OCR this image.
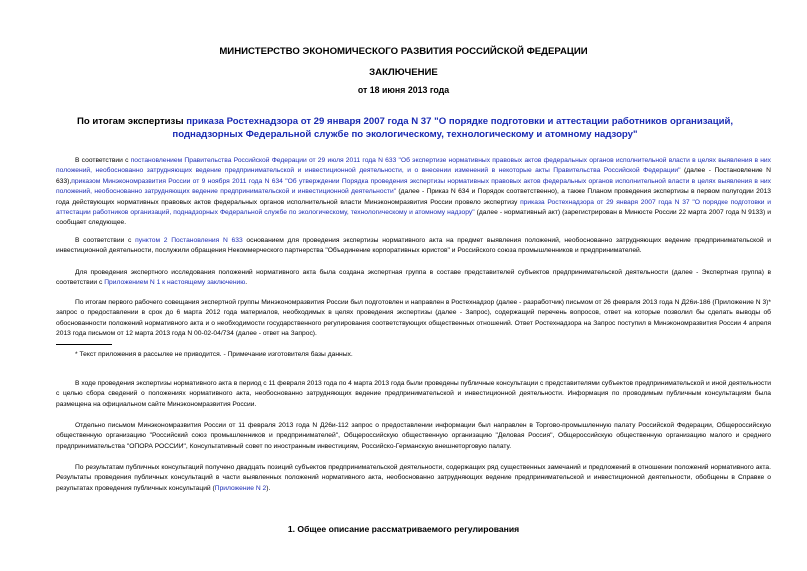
МИНИСТЕРСТВО ЭКОНОМИЧЕСКОГО РАЗВИТИЯ РОССИЙСКОЙ ФЕДЕРАЦИИ
ЗАКЛЮЧЕНИЕ
от 18 июня 2013 года
По итогам экспертизы приказа Ростехнадзора от 29 января 2007 года N 37 "О порядке подготовки и аттестации работников организаций, поднадзорных Федеральной службе по экологическому, технологическому и атомному надзору"

В соответствии с постановлением Правительства Российской Федерации от 29 июля 2011 года N 633 "Об экспертизе нормативных правовых актов федеральных органов исполнительной власти в целях выявления в них положений, необоснованно затрудняющих ведение предпринимательской и инвестиционной деятельности, и о внесении изменений в некоторые акты Правительства Российской Федерации" (далее - Постановление N 633),приказом Минэкономразвития России от 9 ноября 2011 года N 634 "Об утверждении Порядка проведения экспертизы нормативных правовых актов федеральных органов исполнительной власти в целях выявления в них положений, необоснованно затрудняющих ведение предпринимательской и инвестиционной деятельности" (далее - Приказ N 634 и Порядок соответственно), а также Планом проведения экспертизы в первом полугодии 2013 года действующих нормативных правовых актов федеральных органов исполнительной власти Минэкономразвития России провело экспертизу приказа Ростехнадзора от 29 января 2007 года N 37 "О порядке подготовки и аттестации работников организаций, поднадзорных Федеральной службе по экологическому, технологическому и атомному надзору" (далее - нормативный акт) (зарегистрирован в Минюсте России 22 марта 2007 года N 9133) и сообщает следующее.

В соответствии с пунктом 2 Постановления N 633 основанием для проведения экспертизы нормативного акта на предмет выявления положений, необоснованно затрудняющих ведение предпринимательской и инвестиционной деятельности, послужили обращения Некоммерческого партнерства "Объединение корпоративных юристов" и Российского союза промышленников и предпринимателей.

Для проведения экспертного исследования положений нормативного акта была создана экспертная группа в составе представителей субъектов предпринимательской деятельности (далее - Экспертная группа) в соответствии с Приложением N 1 к настоящему заключению.

По итогам первого рабочего совещания экспертной группы Минэкономразвития России был подготовлен и направлен в Ростехнадзор (далее - разработчик) письмом от 26 февраля 2013 года N Д26и-186 (Приложение N 3)* запрос о предоставлении в срок до 6 марта 2012 года материалов, необходимых в целях проведения экспертизы (далее - Запрос), содержащий перечень вопросов, ответ на которые позволил бы сделать выводы об обоснованности положений нормативного акта и о необходимости государственного регулирования соответствующих общественных отношений. Ответ Ростехнадзора на Запрос поступил в Минэкономразвития России 4 апреля 2013 года письмом от 12 марта 2013 года N 00-02-04/734 (далее - ответ на Запрос).

* Текст приложения в рассылке не приводится. - Примечание изготовителя базы данных.

В ходе проведения экспертизы нормативного акта в период с 11 февраля 2013 года по 4 марта 2013 года были проведены публичные консультации с представителями субъектов предпринимательской и иной деятельности с целью сбора сведений о положениях нормативного акта, необоснованно затрудняющих ведение предпринимательской и инвестиционной деятельности. Информация по проводимым публичным консультациям была размещена на официальном сайте Минэкономразвития России.

Отдельно письмом Минэкономразвития России от 11 февраля 2013 года N Д26и-112 запрос о предоставлении информации был направлен в Торгово-промышленную палату Российской Федерации, Общероссийскую общественную организацию "Российский союз промышленников и предпринимателей", Общероссийскую общественную организацию "Деловая Россия", Общероссийскую общественную организацию малого и среднего предпринимательства "ОПОРА РОССИИ", Консультативный совет по иностранным инвестициям, Российско-Германскую внешнеторговую палату.

По результатам публичных консультаций получено двадцать позиций субъектов предпринимательской деятельности, содержащих ряд существенных замечаний и предложений в отношении положений нормативного акта. Результаты проведения публичных консультаций в части выявленных положений нормативного акта, необоснованно затрудняющих ведение предпринимательской и инвестиционной деятельности, обобщены в Справке о результатах проведения публичных консультаций (Приложение N 2).

1. Общее описание рассматриваемого регулирования
